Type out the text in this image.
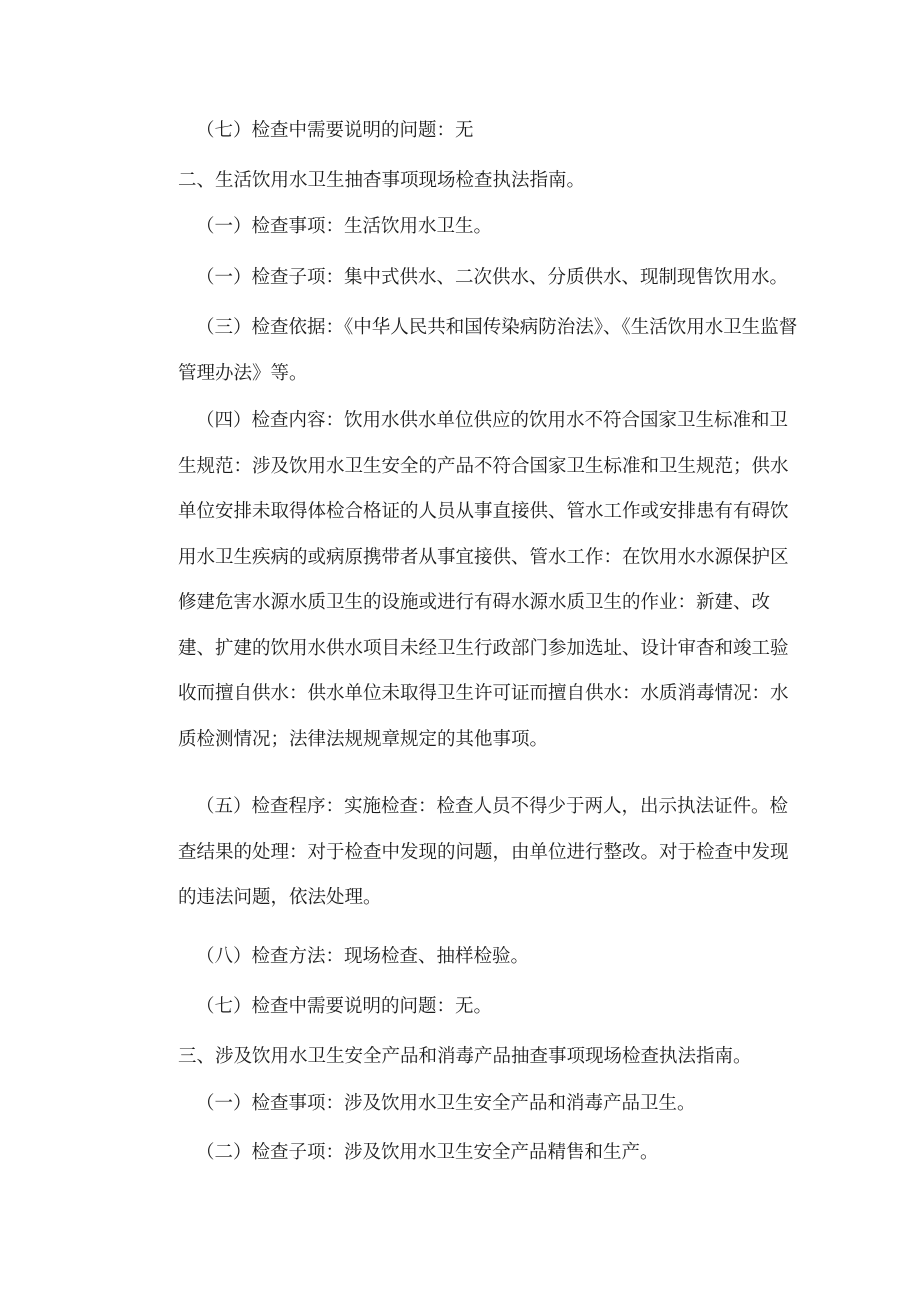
（七）检查中需要说明的问题：无

二、生活饮用水卫生抽杳事项现场检查执法指南。

（一）检查事项：生活饮用水卫生。

（一）检查子项：集中式供水、二次供水、分质供水、现制现售饮用水。

（三）检查依据：《中华人民共和国传染病防治法》、《生活饮用水卫生监督管理办法》等。

（四）检查内容：饮用水供水单位供应的饮用水不符合国家卫生标准和卫生规范：涉及饮用水卫生安全的产品不符合国家卫生标准和卫生规范；供水单位安排未取得体检合格证的人员从事直接供、管水工作或安排患有有碍饮用水卫生疾病的或病原携带者从事宜接供、管水工作：在饮用水水源保护区修建危害水源水质卫生的设施或进行有碍水源水质卫生的作业：新建、改建、扩建的饮用水供水项目未经卫生行政部门参加选址、设计审杳和竣工验收而擅自供水：供水单位未取得卫生许可证而擅自供水：水质消毒情况：水质检测情况；法律法规规章规定的其他事项。

（五）检查程序：实施检查：检查人员不得少于两人，出示执法证件。检查结果的处理：对于检查中发现的问题，由单位进行整改。对于检查中发现的违法问题，依法处理。

（八）检查方法：现场检查、抽样检验。

（七）检查中需要说明的问题：无。

三、涉及饮用水卫生安全产品和消毒产品抽查事项现场检查执法指南。

（一）检查事项：涉及饮用水卫生安全产品和消毒产品卫生。

（二）检查子项：涉及饮用水卫生安全产品精售和生产。
